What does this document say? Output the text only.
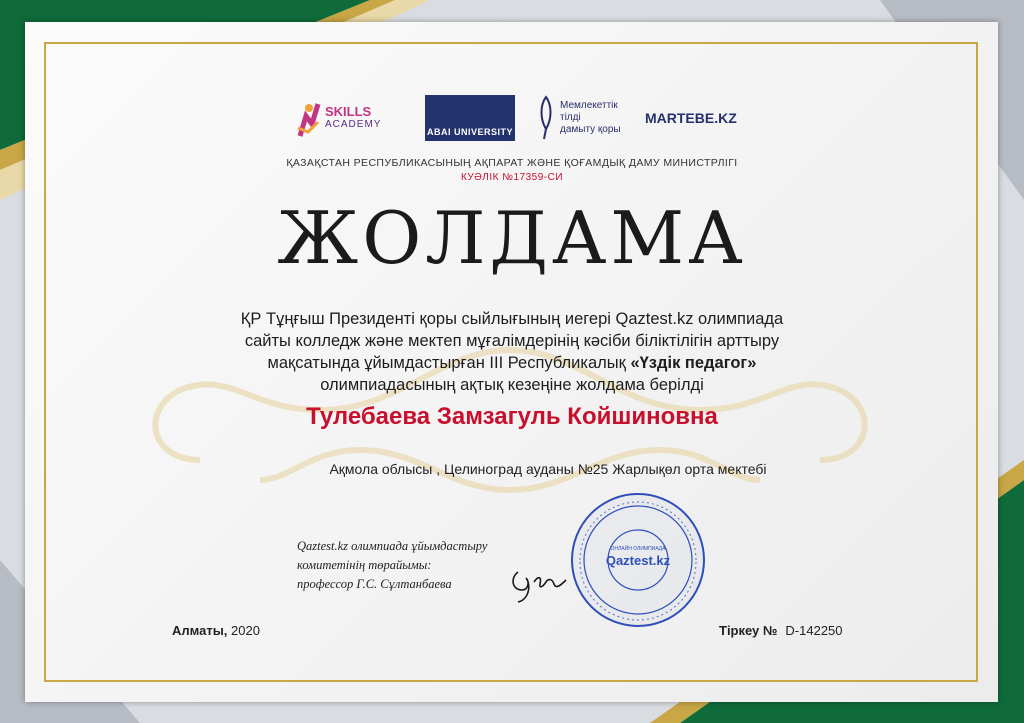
SKILLS
ACADEMY
ABAI UNIVERSITY
Мемлекеттік
тілді
дамыту қоры
MARTEBE.KZ
ҚАЗАҚСТАН РЕСПУБЛИКАСЫНЫҢ АҚПАРАТ ЖӘНЕ ҚОҒАМДЫҚ ДАМУ МИНИСТРЛІГІ
КУӘЛІК №17359-СИ
ЖОЛДАМА
ҚР Тұңғыш Президенті қоры сыйлығының иегері Qaztest.kz олимпиада
сайты колледж және мектеп мұғалімдерінің кәсіби біліктілігін арттыру
мақсатында ұйымдастырған III Республикалық «Үздік педагог»
олимпиадасының ақтық кезеңіне жолдама берілді
Тулебаева Замзагуль Койшиновна
Ақмола облысы , Целиноград ауданы №25 Жарлықөл орта мектебі
Qaztest.kz олимпиада ұйымдастыру
комитетінің төрайымы:
профессор Г.С. Сұлтанбаева
ОНЛАЙН ОЛИМПИАДА
Qaztest.kz
Алматы, 2020	Тіркеу № D-142250
